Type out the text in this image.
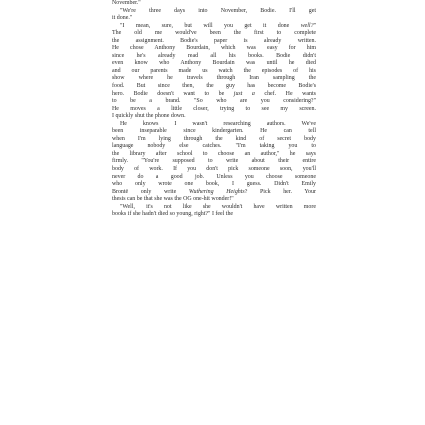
November."
"We're three days into November, Bodie. I'll get
it done."
"I mean, sure, but will you get it done well?"
The old me would've been the first to complete
the assignment. Bodie's paper is already written.
He chose Anthony Bourdain, which was easy for him
since he's already read all his books. Bodie didn't
even know who Anthony Bourdain was until he died
and our parents made us watch the episodes of his
show where he travels through Iran sampling the
food. But since then, the guy has become Bodie's
hero. Bodie doesn't want to be just a chef. He wants
to be a brand. "So who are you considering?"
He moves a little closer, trying to see my screen.
I quickly shut the phone down.
He knows I wasn't researching authors. We've
been inseparable since kindergarten. He can tell
when I'm lying through the kind of secret body
language nobody else catches. "I'm taking you to
the library after school to choose an author," he says
firmly. "You're supposed to write about their entire
body of work. If you don't pick someone soon, you'll
never do a good job. Unless you choose someone
who only wrote one book, I guess. Didn't Emily
Brontë only write Wuthering Heights? Pick her. Your
thesis can be that she was the OG one-hit wonder!"
"Well, it's not like she wouldn't have written more
books if she hadn't died so young, right?" I feel the
